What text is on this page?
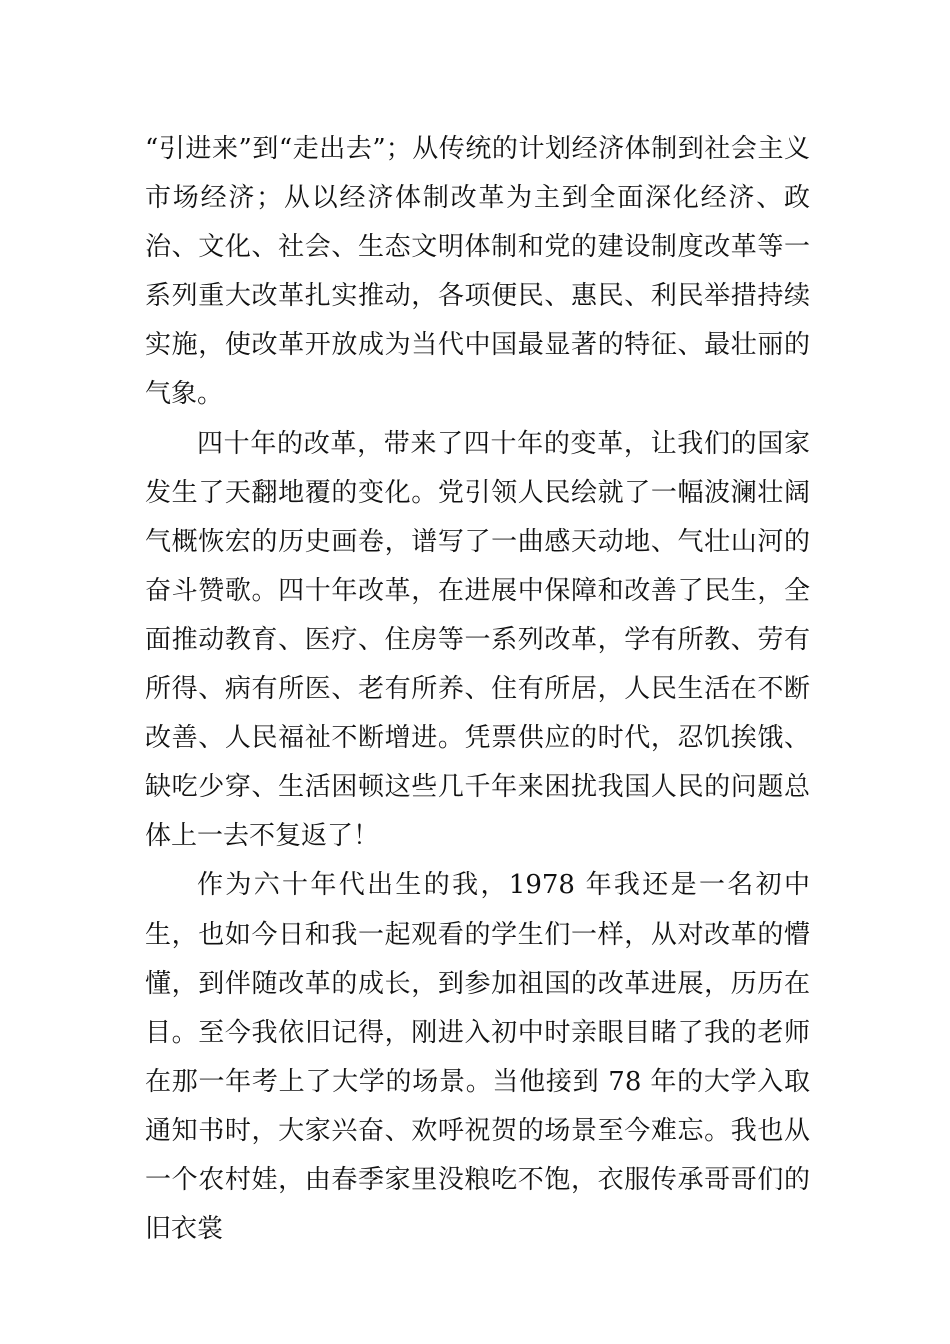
“引进来”到“走出去”；从传统的计划经济体制到社会主义市场经济；从以经济体制改革为主到全面深化经济、政治、文化、社会、生态文明体制和党的建设制度改革等一系列重大改革扎实推动，各项便民、惠民、利民举措持续实施，使改革开放成为当代中国最显著的特征、最壮丽的气象。

四十年的改革，带来了四十年的变革，让我们的国家发生了天翻地覆的变化。党引领人民绘就了一幅波澜壮阔气概恢宏的历史画卷，谱写了一曲感天动地、气壮山河的奋斗赞歌。四十年改革，在进展中保障和改善了民生，全面推动教育、医疗、住房等一系列改革，学有所教、劳有所得、病有所医、老有所养、住有所居，人民生活在不断改善、人民福祉不断增进。凭票供应的时代，忍饥挨饿、缺吃少穿、生活困顿这些几千年来困扰我国人民的问题总体上一去不复返了！

作为六十年代出生的我，1978 年我还是一名初中生，也如今日和我一起观看的学生们一样，从对改革的懵懂，到伴随改革的成长，到参加祖国的改革进展，历历在目。至今我依旧记得，刚进入初中时亲眼目睹了我的老师在那一年考上了大学的场景。当他接到 78 年的大学入取通知书时，大家兴奋、欢呼祝贺的场景至今难忘。我也从一个农村娃，由春季家里没粮吃不饱，衣服传承哥哥们的旧衣裳
